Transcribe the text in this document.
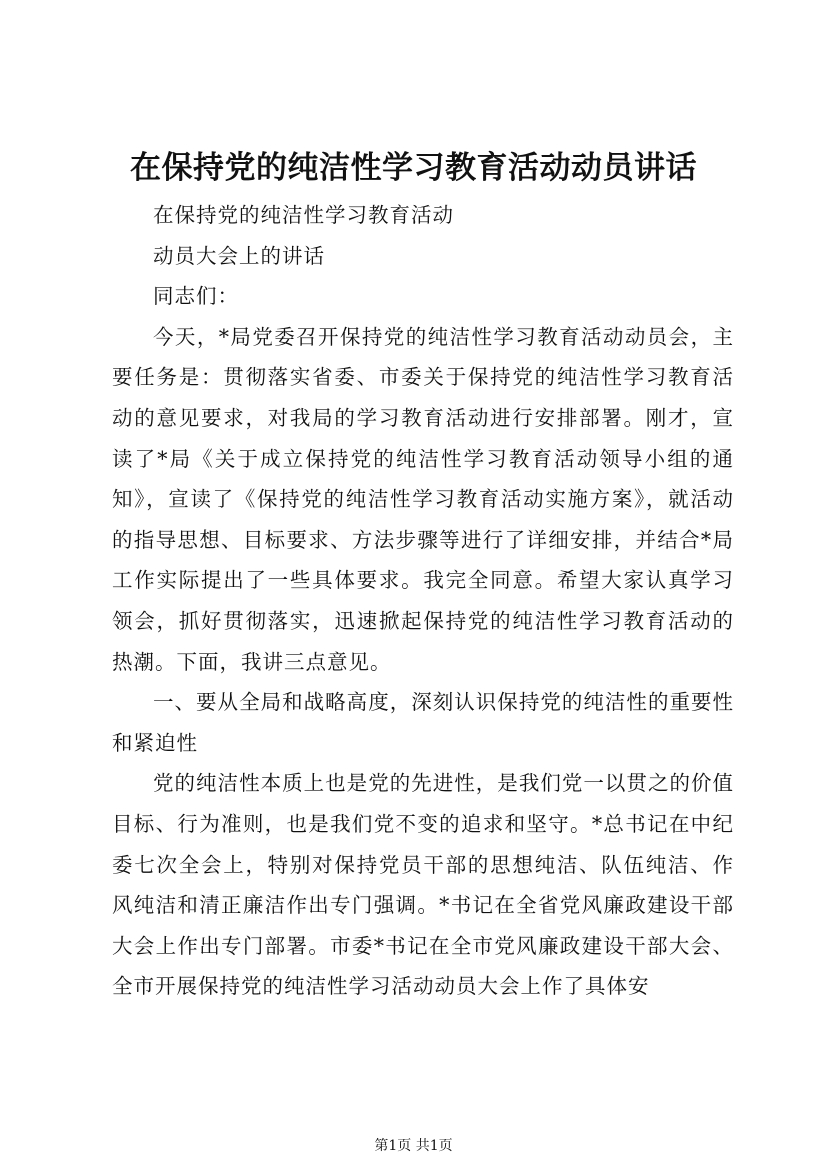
在保持党的纯洁性学习教育活动动员讲话

在保持党的纯洁性学习教育活动

动员大会上的讲话

同志们：

今天，*局党委召开保持党的纯洁性学习教育活动动员会，主要任务是：贯彻落实省委、市委关于保持党的纯洁性学习教育活动的意见要求，对我局的学习教育活动进行安排部署。刚才，宣读了*局《关于成立保持党的纯洁性学习教育活动领导小组的通知》，宣读了《保持党的纯洁性学习教育活动实施方案》，就活动的指导思想、目标要求、方法步骤等进行了详细安排，并结合*局工作实际提出了一些具体要求。我完全同意。希望大家认真学习领会，抓好贯彻落实，迅速掀起保持党的纯洁性学习教育活动的热潮。下面，我讲三点意见。

一、要从全局和战略高度，深刻认识保持党的纯洁性的重要性和紧迫性

党的纯洁性本质上也是党的先进性，是我们党一以贯之的价值目标、行为准则，也是我们党不变的追求和坚守。*总书记在中纪委七次全会上，特别对保持党员干部的思想纯洁、队伍纯洁、作风纯洁和清正廉洁作出专门强调。*书记在全省党风廉政建设干部大会上作出专门部署。市委*书记在全市党风廉政建设干部大会、全市开展保持党的纯洁性学习活动动员大会上作了具体安

第1页 共1页
